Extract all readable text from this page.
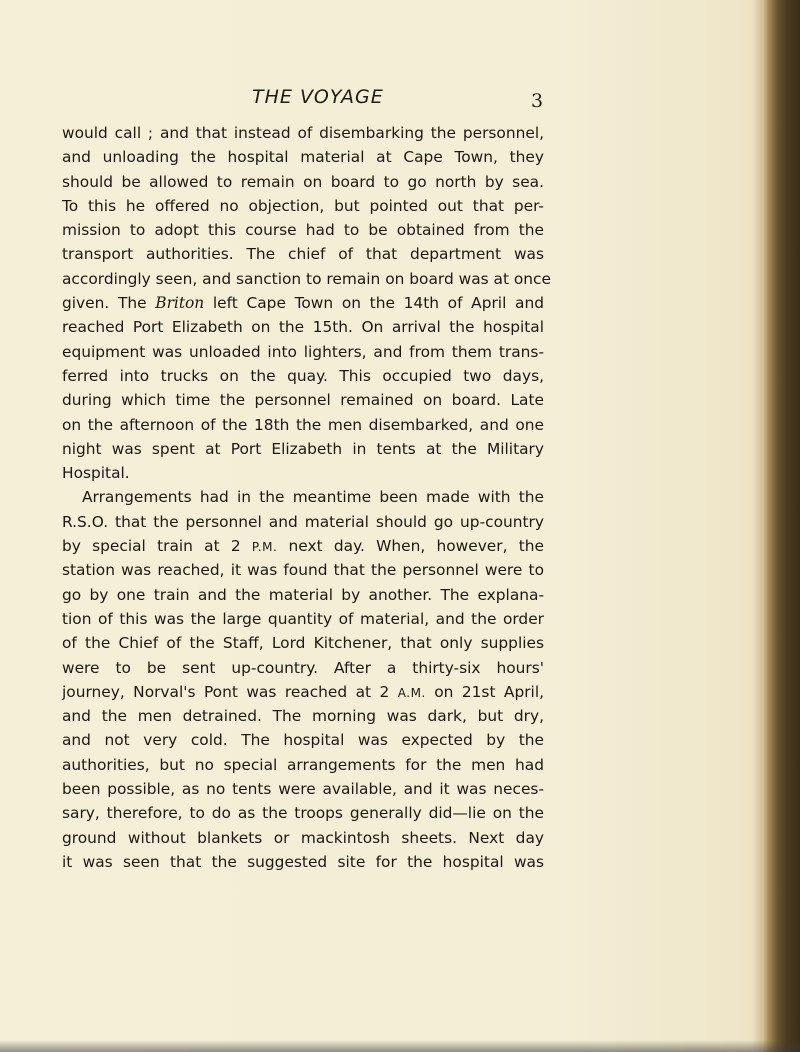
THE VOYAGE	3
would call ; and that instead of disembarking the personnel,
and unloading the hospital material at Cape Town, they
should be allowed to remain on board to go north by sea.
To this he offered no objection, but pointed out that per-
mission to adopt this course had to be obtained from the
transport authorities. The chief of that department was
accordingly seen, and sanction to remain on board was at once
given. The Briton left Cape Town on the 14th of April and
reached Port Elizabeth on the 15th. On arrival the hospital
equipment was unloaded into lighters, and from them trans-
ferred into trucks on the quay. This occupied two days,
during which time the personnel remained on board. Late
on the afternoon of the 18th the men disembarked, and one
night was spent at Port Elizabeth in tents at the Military
Hospital.
Arrangements had in the meantime been made with the
R.S.O. that the personnel and material should go up-country
by special train at 2 P.M. next day. When, however, the
station was reached, it was found that the personnel were to
go by one train and the material by another. The explana-
tion of this was the large quantity of material, and the order
of the Chief of the Staff, Lord Kitchener, that only supplies
were to be sent up-country. After a thirty-six hours'
journey, Norval's Pont was reached at 2 A.M. on 21st April,
and the men detrained. The morning was dark, but dry,
and not very cold. The hospital was expected by the
authorities, but no special arrangements for the men had
been possible, as no tents were available, and it was neces-
sary, therefore, to do as the troops generally did—lie on the
ground without blankets or mackintosh sheets. Next day
it was seen that the suggested site for the hospital was
